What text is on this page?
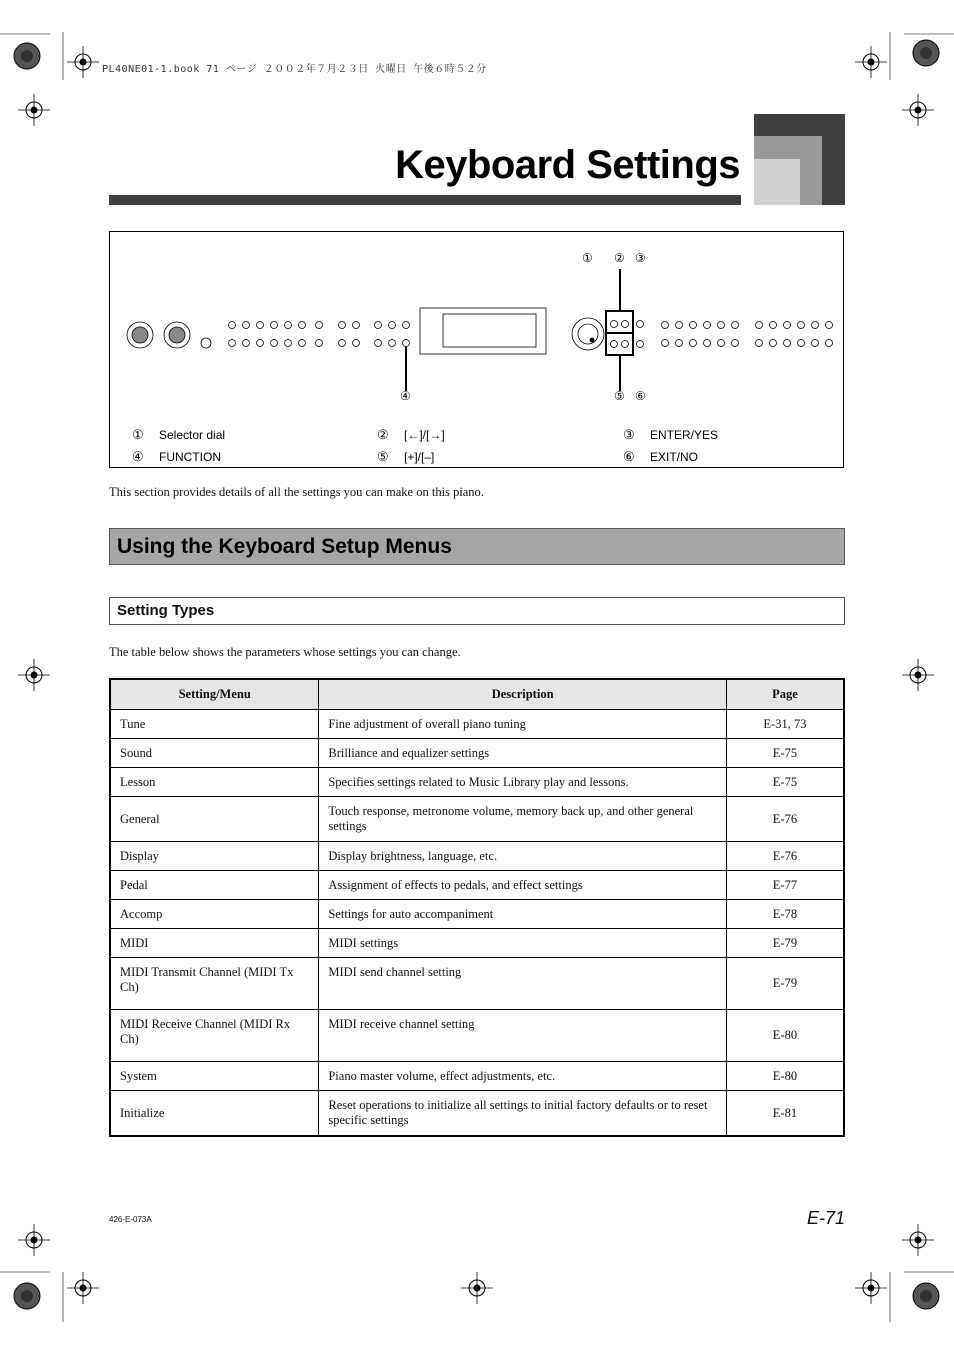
PL40NE01-1.book 71 ページ ２００２年７月２３日 火曜日 午後６時５２分
Keyboard Settings
① ② ③
④	⑤ ⑥
① Selector dial	② [←]/[→]	③ ENTER/YES
④ FUNCTION	⑤ [+]/[–]	⑥ EXIT/NO
This section provides details of all the settings you can make on this piano.
Using the Keyboard Setup Menus
Setting Types
The table below shows the parameters whose settings you can change.
Setting/Menu	Description	Page
Tune	Fine adjustment of overall piano tuning	E-31, 73
Sound	Brilliance and equalizer settings	E-75
Lesson	Specifies settings related to Music Library play and lessons.	E-75
General	Touch response, metronome volume, memory back up, and other general settings	E-76
Display	Display brightness, language, etc.	E-76
Pedal	Assignment of effects to pedals, and effect settings	E-77
Accomp	Settings for auto accompaniment	E-78
MIDI	MIDI settings	E-79
MIDI Transmit Channel (MIDI Tx Ch)	MIDI send channel setting	E-79
MIDI Receive Channel (MIDI Rx Ch)	MIDI receive channel setting	E-80
System	Piano master volume, effect adjustments, etc.	E-80
Initialize	Reset operations to initialize all settings to initial factory defaults or to reset specific settings	E-81
426-E-073A	E-71
